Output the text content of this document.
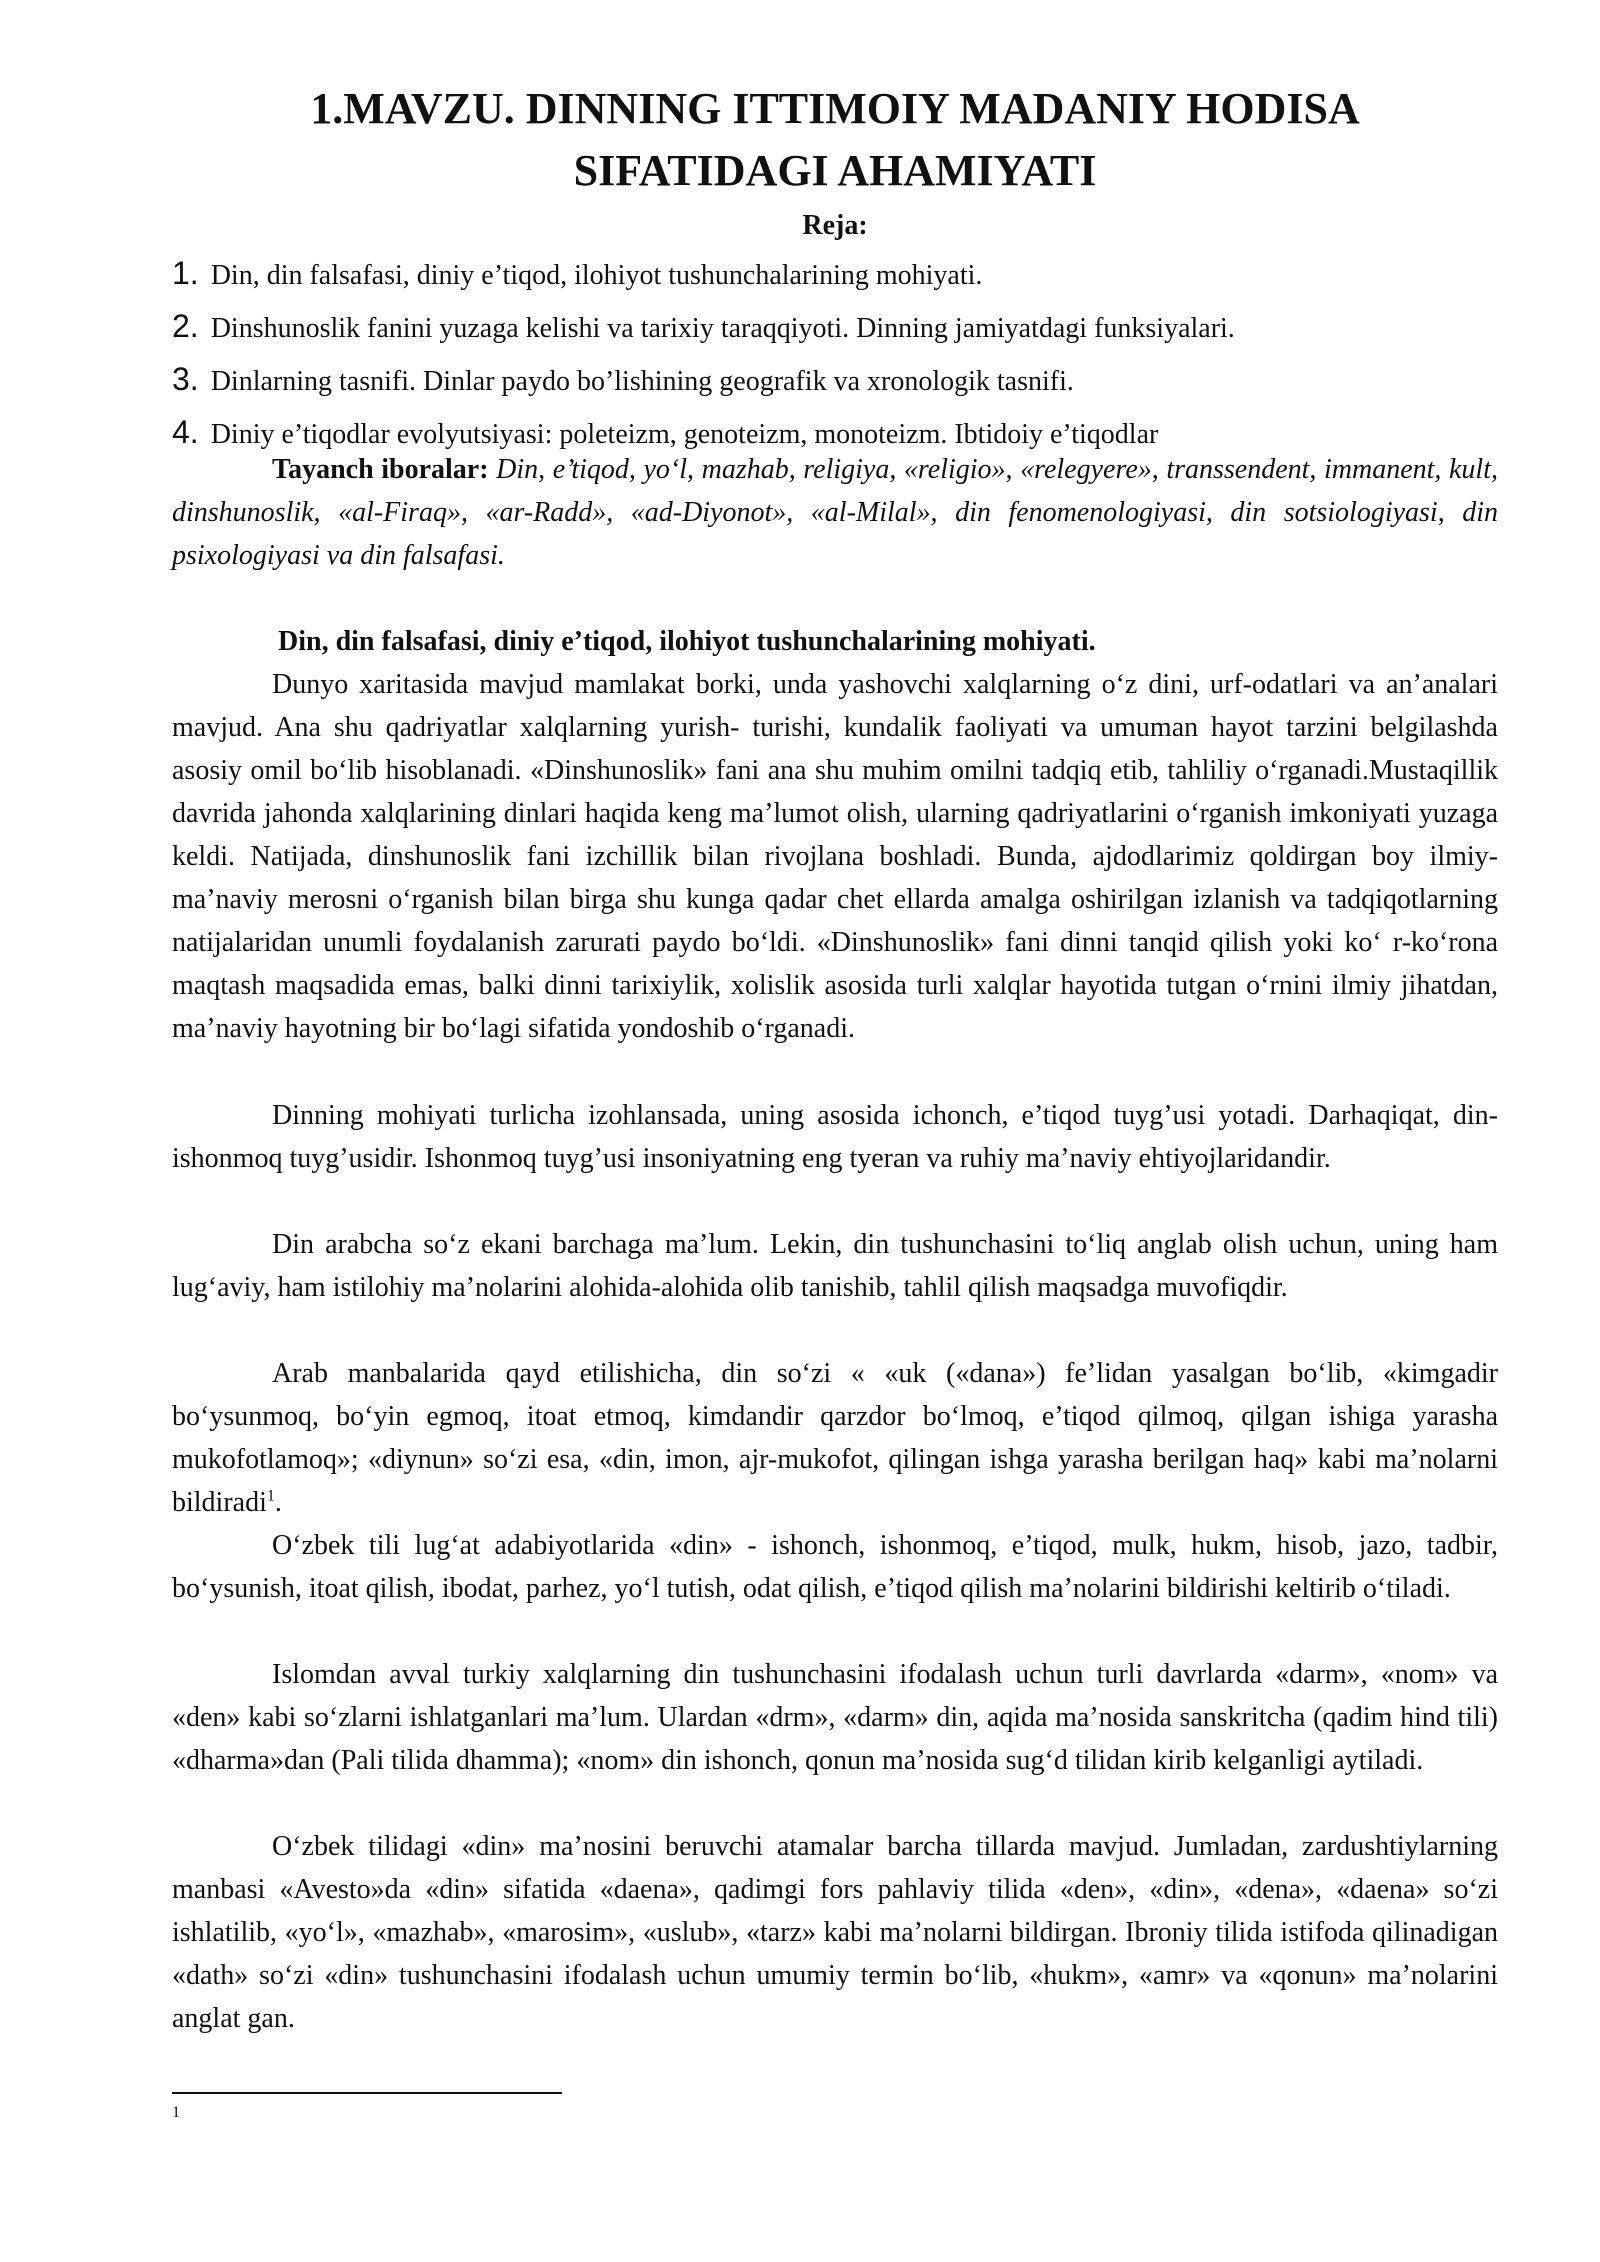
1.MAVZU. DINNING ITTIMOIY MADANIY HODISA
SIFATIDAGI AHAMIYATI

Reja:

1. Din, din falsafasi, diniy e’tiqod, ilohiyot tushunchalarining mohiyati.
2. Dinshunoslik fanini yuzaga kelishi va tarixiy taraqqiyoti. Dinning jamiyatdagi funksiyalari.
3. Dinlarning tasnifi. Dinlar paydo bo’lishining geografik va xronologik tasnifi.
4. Diniy e’tiqodlar evolyutsiyasi: poleteizm, genoteizm, monoteizm. Ibtidoiy e’tiqodlar

Tayanch iboralar: Din, e’tiqod, yo‘l, mazhab, religiya, «religio», «relegyere», transsendent, immanent, kult, dinshunoslik, «al-Firaq», «ar-Radd», «ad-Diyonot», «al-Milal», din fenomenologiyasi, din sotsiologiyasi, din psixologiyasi va din falsafasi.

Din, din falsafasi, diniy e’tiqod, ilohiyot tushunchalarining mohiyati.

Dunyo xaritasida mavjud mamlakat borki, unda yashovchi xalqlarning o‘z dini, urf-odatlari va an’analari mavjud. Ana shu qadriyatlar xalqlarning yurish- turishi, kundalik faoliyati va umuman hayot tarzini belgilashda asosiy omil bo‘lib hisoblanadi. «Dinshunoslik» fani ana shu muhim omilni tadqiq etib, tahliliy o‘rganadi.Mustaqillik davrida jahonda xalqlarining dinlari haqida keng ma’lumot olish, ularning qadriyatlarini o‘rganish imkoniyati yuzaga keldi. Natijada, dinshunoslik fani izchillik bilan rivojlana boshladi. Bunda, ajdodlarimiz qoldirgan boy ilmiy-ma’naviy merosni o‘rganish bilan birga shu kunga qadar chet ellarda amalga oshirilgan izlanish va tadqiqotlarning natijalaridan unumli foydalanish zarurati paydo bo‘ldi. «Dinshunoslik» fani dinni tanqid qilish yoki ko‘ r-ko‘rona maqtash maqsadida emas, balki dinni tarixiylik, xolislik asosida turli xalqlar hayotida tutgan o‘rnini ilmiy jihatdan, ma’naviy hayotning bir bo‘lagi sifatida yondoshib o‘rganadi.

Dinning mohiyati turlicha izohlansada, uning asosida ichonch, e’tiqod tuyg’usi yotadi. Darhaqiqat, din-ishonmoq tuyg’usidir. Ishonmoq tuyg’usi insoniyatning eng tyeran va ruhiy ma’naviy ehtiyojlaridandir.

Din arabcha so‘z ekani barchaga ma’lum. Lekin, din tushunchasini to‘liq anglab olish uchun, uning ham lug‘aviy, ham istilohiy ma’nolarini alohida-alohida olib tanishib, tahlil qilish maqsadga muvofiqdir.

Arab manbalarida qayd etilishicha, din so‘zi « «uk («dana») fe’lidan yasalgan bo‘lib, «kimgadir bo‘ysunmoq, bo‘yin egmoq, itoat etmoq, kimdandir qarzdor bo‘lmoq, e’tiqod qilmoq, qilgan ishiga yarasha mukofotlamoq»; «diynun» so‘zi esa, «din, imon, ajr-mukofot, qilingan ishga yarasha berilgan haq» kabi ma’nolarni bildiradi$^1$.

O‘zbek tili lug‘at adabiyotlarida «din» - ishonch, ishonmoq, e’tiqod, mulk, hukm, hisob, jazo, tadbir, bo‘ysunish, itoat qilish, ibodat, parhez, yo‘l tutish, odat qilish, e’tiqod qilish ma’nolarini bildirishi keltirib o‘tiladi.

Islomdan avval turkiy xalqlarning din tushunchasini ifodalash uchun turli davrlarda «darm», «nom» va «den» kabi so‘zlarni ishlatganlari ma’lum. Ulardan «drm», «darm» din, aqida ma’nosida sanskritcha (qadim hind tili) «dharma»dan (Pali tilida dhamma); «nom» din ishonch, qonun ma’nosida sug‘d tilidan kirib kelganligi aytiladi.

O‘zbek tilidagi «din» ma’nosini beruvchi atamalar barcha tillarda mavjud. Jumladan, zardushtiylarning manbasi «Avesto»da «din» sifatida «daena», qadimgi fors pahlaviy tilida «den», «din», «dena», «daena» so‘zi ishlatilib, «yo‘l», «mazhab», «marosim», «uslub», «tarz» kabi ma’nolarni bildirgan. Ibroniy tilida istifoda qilinadigan «dath» so‘zi «din» tushunchasini ifodalash uchun umumiy termin bo‘lib, «hukm», «amr» va «qonun» ma’nolarini anglat gan.

1
